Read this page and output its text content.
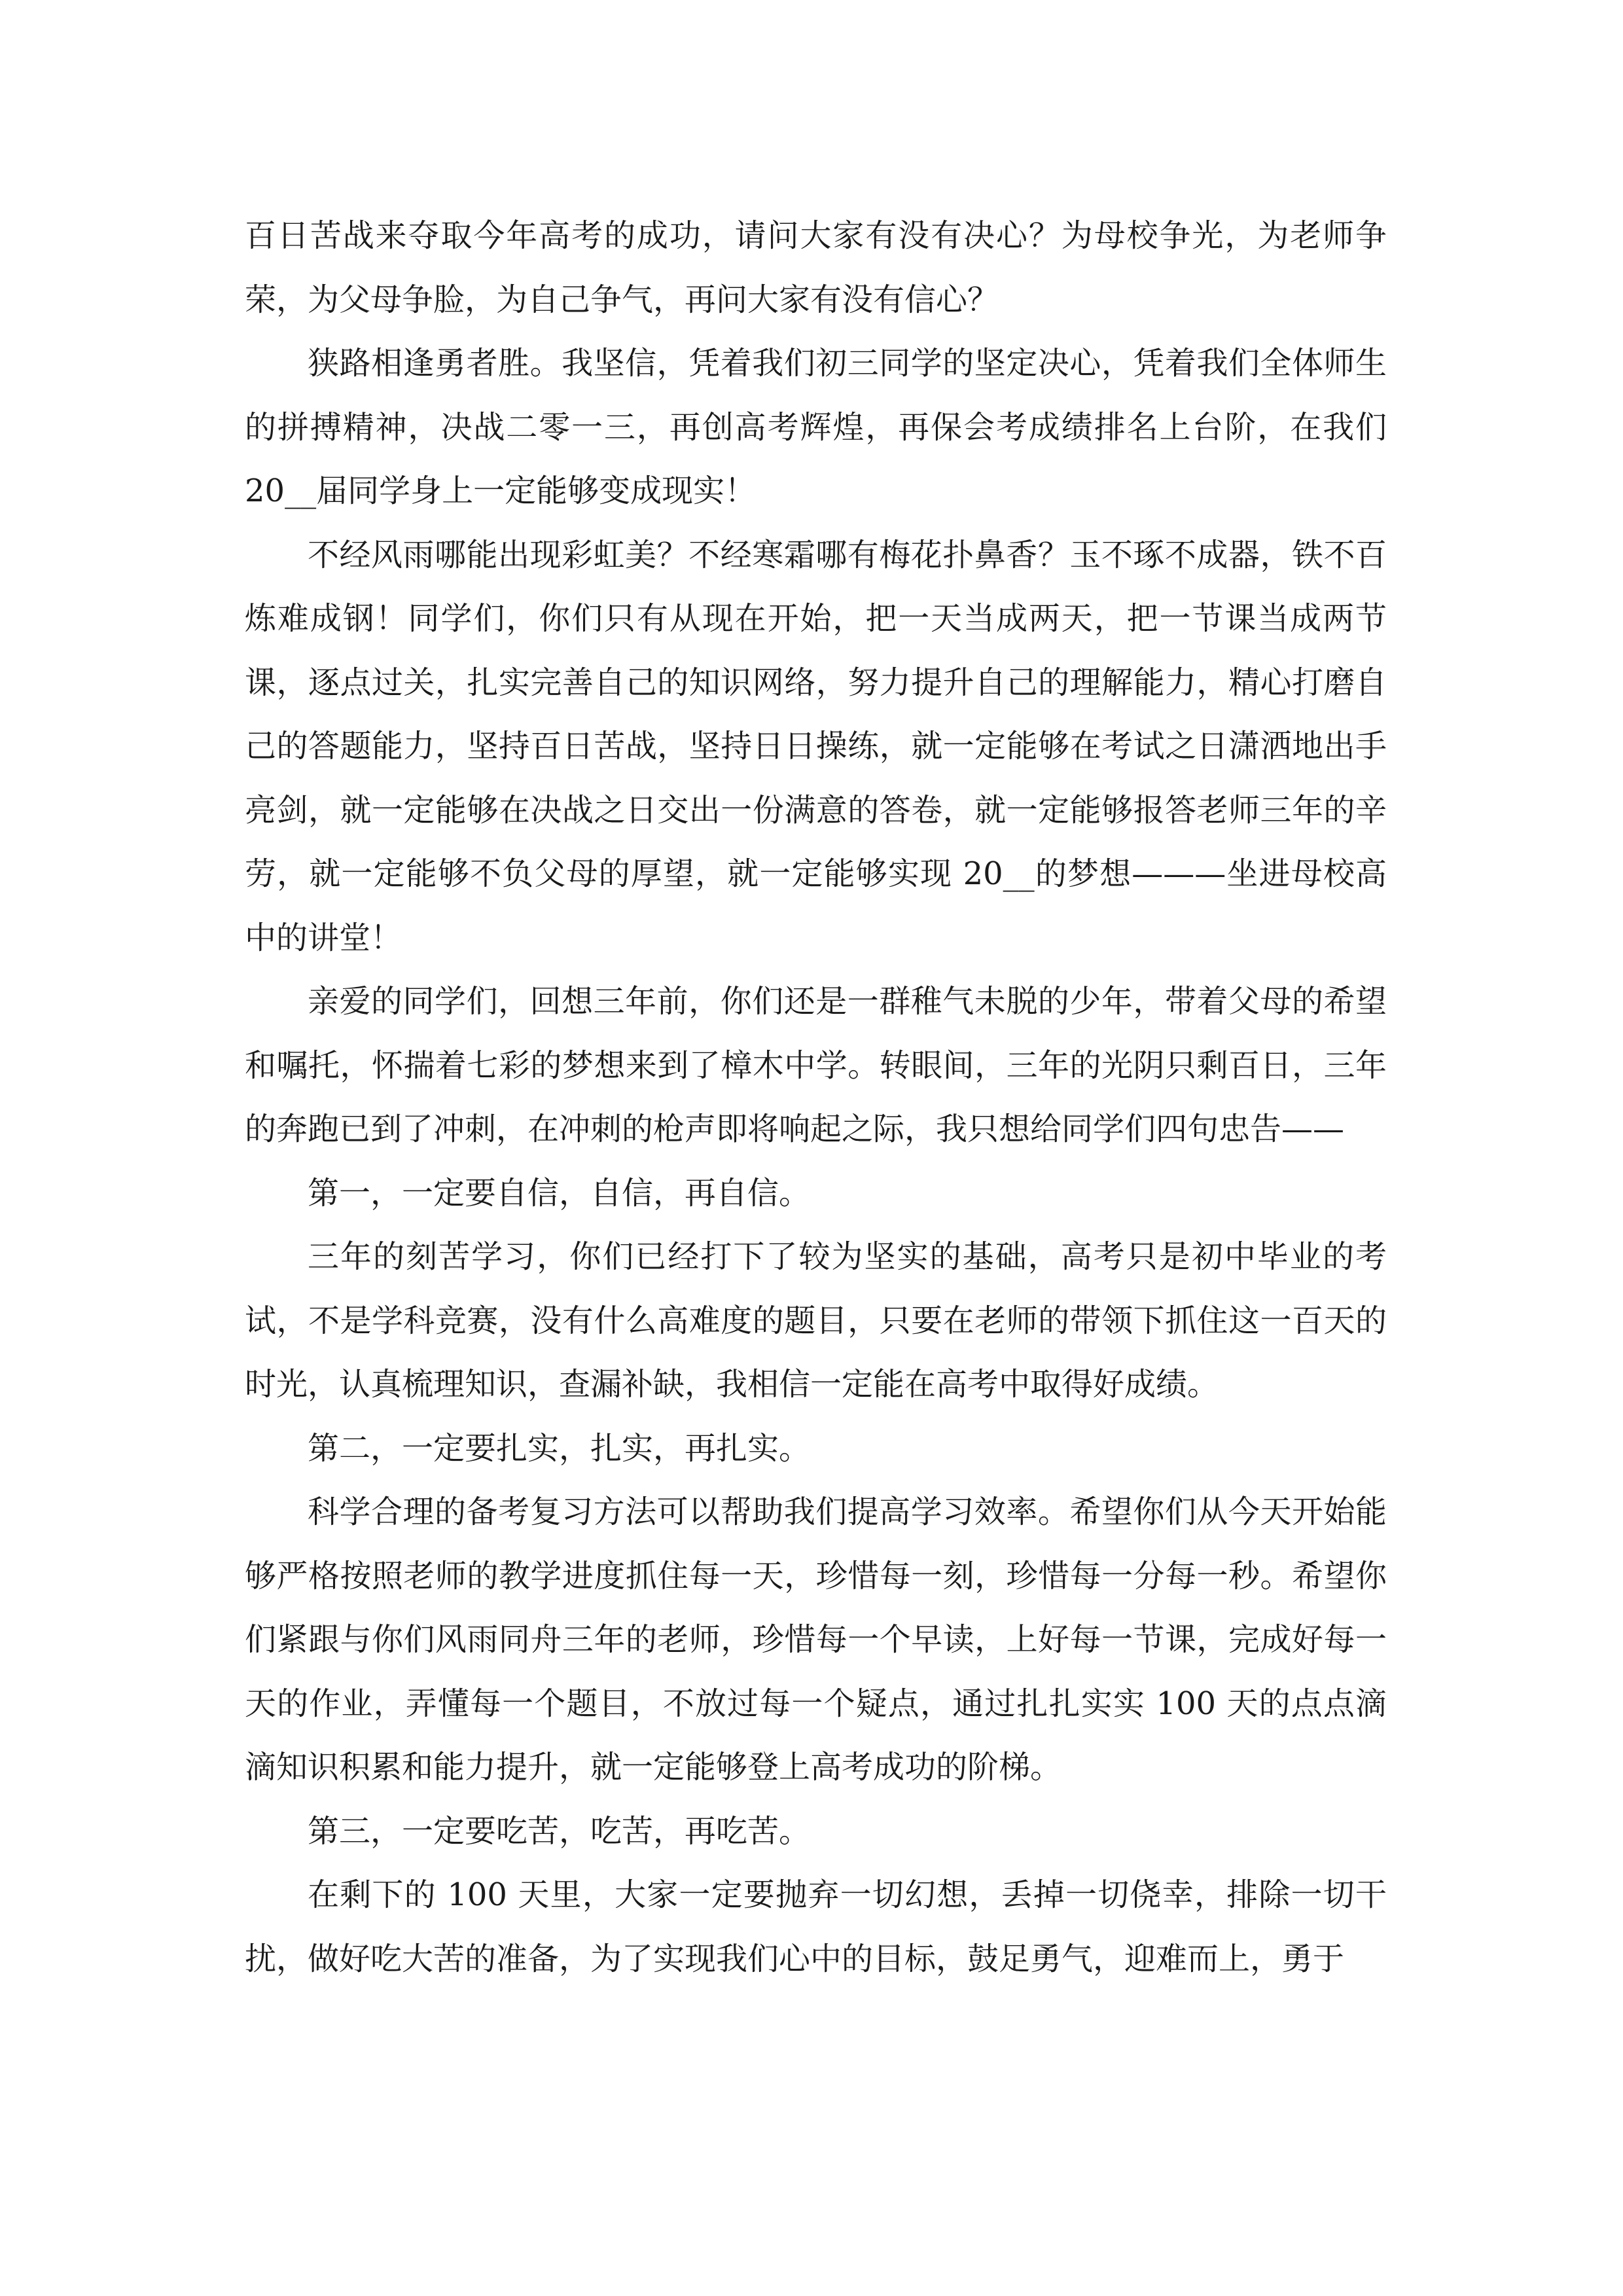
百日苦战来夺取今年高考的成功，请问大家有没有决心？为母校争光，为老师争荣，为父母争脸，为自己争气，再问大家有没有信心？

狭路相逢勇者胜。我坚信，凭着我们初三同学的坚定决心，凭着我们全体师生的拼搏精神，决战二零一三，再创高考辉煌，再保会考成绩排名上台阶，在我们 20__届同学身上一定能够变成现实！

不经风雨哪能出现彩虹美？不经寒霜哪有梅花扑鼻香？玉不琢不成器，铁不百炼难成钢！同学们，你们只有从现在开始，把一天当成两天，把一节课当成两节课，逐点过关，扎实完善自己的知识网络，努力提升自己的理解能力，精心打磨自己的答题能力，坚持百日苦战，坚持日日操练，就一定能够在考试之日潇洒地出手亮剑，就一定能够在决战之日交出一份满意的答卷，就一定能够报答老师三年的辛劳，就一定能够不负父母的厚望，就一定能够实现 20__的梦想———坐进母校高中的讲堂！

亲爱的同学们，回想三年前，你们还是一群稚气未脱的少年，带着父母的希望和嘱托，怀揣着七彩的梦想来到了樟木中学。转眼间，三年的光阴只剩百日，三年的奔跑已到了冲刺，在冲刺的枪声即将响起之际，我只想给同学们四句忠告——

第一，一定要自信，自信，再自信。

三年的刻苦学习，你们已经打下了较为坚实的基础，高考只是初中毕业的考试，不是学科竞赛，没有什么高难度的题目，只要在老师的带领下抓住这一百天的时光，认真梳理知识，查漏补缺，我相信一定能在高考中取得好成绩。

第二，一定要扎实，扎实，再扎实。

科学合理的备考复习方法可以帮助我们提高学习效率。希望你们从今天开始能够严格按照老师的教学进度抓住每一天，珍惜每一刻，珍惜每一分每一秒。希望你们紧跟与你们风雨同舟三年的老师，珍惜每一个早读，上好每一节课，完成好每一天的作业，弄懂每一个题目，不放过每一个疑点，通过扎扎实实 100 天的点点滴滴知识积累和能力提升，就一定能够登上高考成功的阶梯。

第三，一定要吃苦，吃苦，再吃苦。

在剩下的 100 天里，大家一定要抛弃一切幻想，丢掉一切侥幸，排除一切干扰，做好吃大苦的准备，为了实现我们心中的目标，鼓足勇气，迎难而上，勇于
